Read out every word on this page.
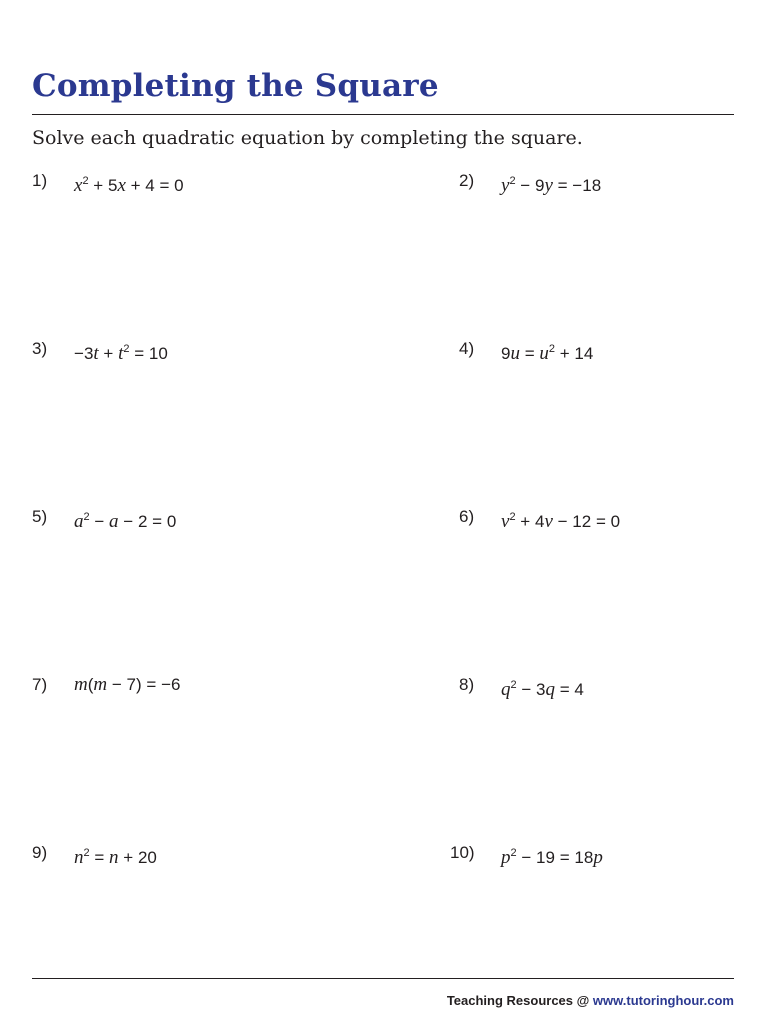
Completing the Square
Solve each quadratic equation by completing the square.
1) $x^2 + 5x + 4 = 0$	2) $y^2 - 9y = -18$
$3) -3t + t^2 = 10$	4) $9u = u^2 + 14$
5) $a^2 - a - 2 = 0$	6) $v^2 + 4v - 12 = 0$
7) m(m − 7) = −6	8) $q^2 - 3q = 4$
9) $n^2 = n + 20$	10) $p^2 - 19 = 18p$
Teaching Resources @ www.tutoringhour.com
